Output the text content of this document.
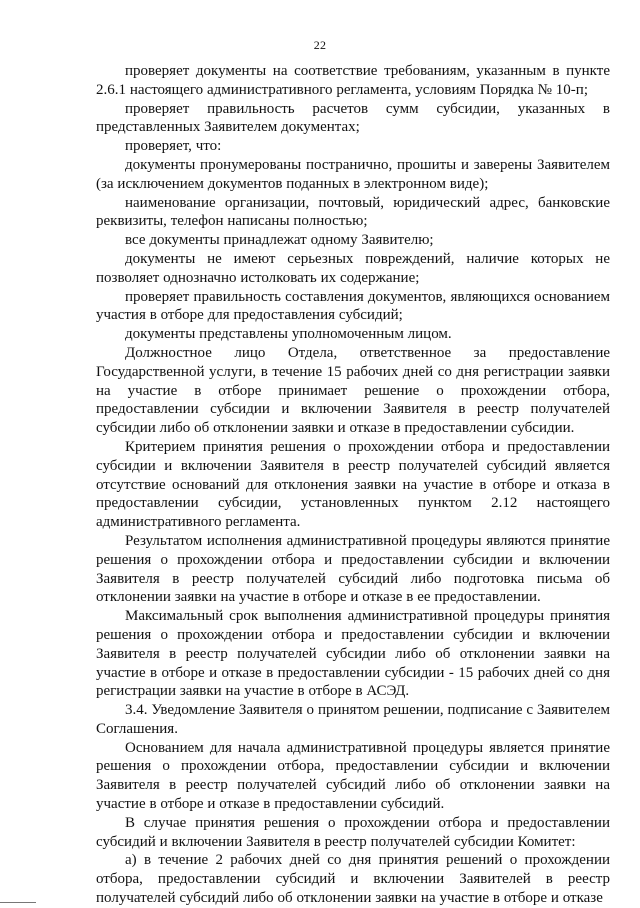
22

проверяет документы на соответствие требованиям, указанным в пункте 2.6.1 настоящего административного регламента, условиям Порядка № 10-п;

проверяет правильность расчетов сумм субсидии, указанных в представленных Заявителем документах;

проверяет, что:

документы пронумерованы постранично, прошиты и заверены Заявителем (за исключением документов поданных в электронном виде);

наименование организации, почтовый, юридический адрес, банковские реквизиты, телефон написаны полностью;

все документы принадлежат одному Заявителю;

документы не имеют серьезных повреждений, наличие которых не позволяет однозначно истолковать их содержание;

проверяет правильность составления документов, являющихся основанием участия в отборе для предоставления субсидий;

документы представлены уполномоченным лицом.

Должностное лицо Отдела, ответственное за предоставление Государственной услуги, в течение 15 рабочих дней со дня регистрации заявки на участие в отборе принимает решение о прохождении отбора, предоставлении субсидии и включении Заявителя в реестр получателей субсидии либо об отклонении заявки и отказе в предоставлении субсидии.

Критерием принятия решения о прохождении отбора и предоставлении субсидии и включении Заявителя в реестр получателей субсидий является отсутствие оснований для отклонения заявки на участие в отборе и отказа в предоставлении субсидии, установленных пунктом 2.12 настоящего административного регламента.

Результатом исполнения административной процедуры являются принятие решения о прохождении отбора и предоставлении субсидии и включении Заявителя в реестр получателей субсидий либо подготовка письма об отклонении заявки на участие в отборе и отказе в ее предоставлении.

Максимальный срок выполнения административной процедуры принятия решения о прохождении отбора и предоставлении субсидии и включении Заявителя в реестр получателей субсидии либо об отклонении заявки на участие в отборе и отказе в предоставлении субсидии - 15 рабочих дней со дня регистрации заявки на участие в отборе в АСЭД.

3.4. Уведомление Заявителя о принятом решении, подписание с Заявителем Соглашения.

Основанием для начала административной процедуры является принятие решения о прохождении отбора, предоставлении субсидии и включении Заявителя в реестр получателей субсидий либо об отклонении заявки на участие в отборе и отказе в предоставлении субсидий.

В случае принятия решения о прохождении отбора и предоставлении субсидий и включении Заявителя в реестр получателей субсидии Комитет:

а) в течение 2 рабочих дней со дня принятия решений о прохождении отбора, предоставлении субсидий и включении Заявителей в реестр получателей субсидий либо об отклонении заявки на участие в отборе и отказе
